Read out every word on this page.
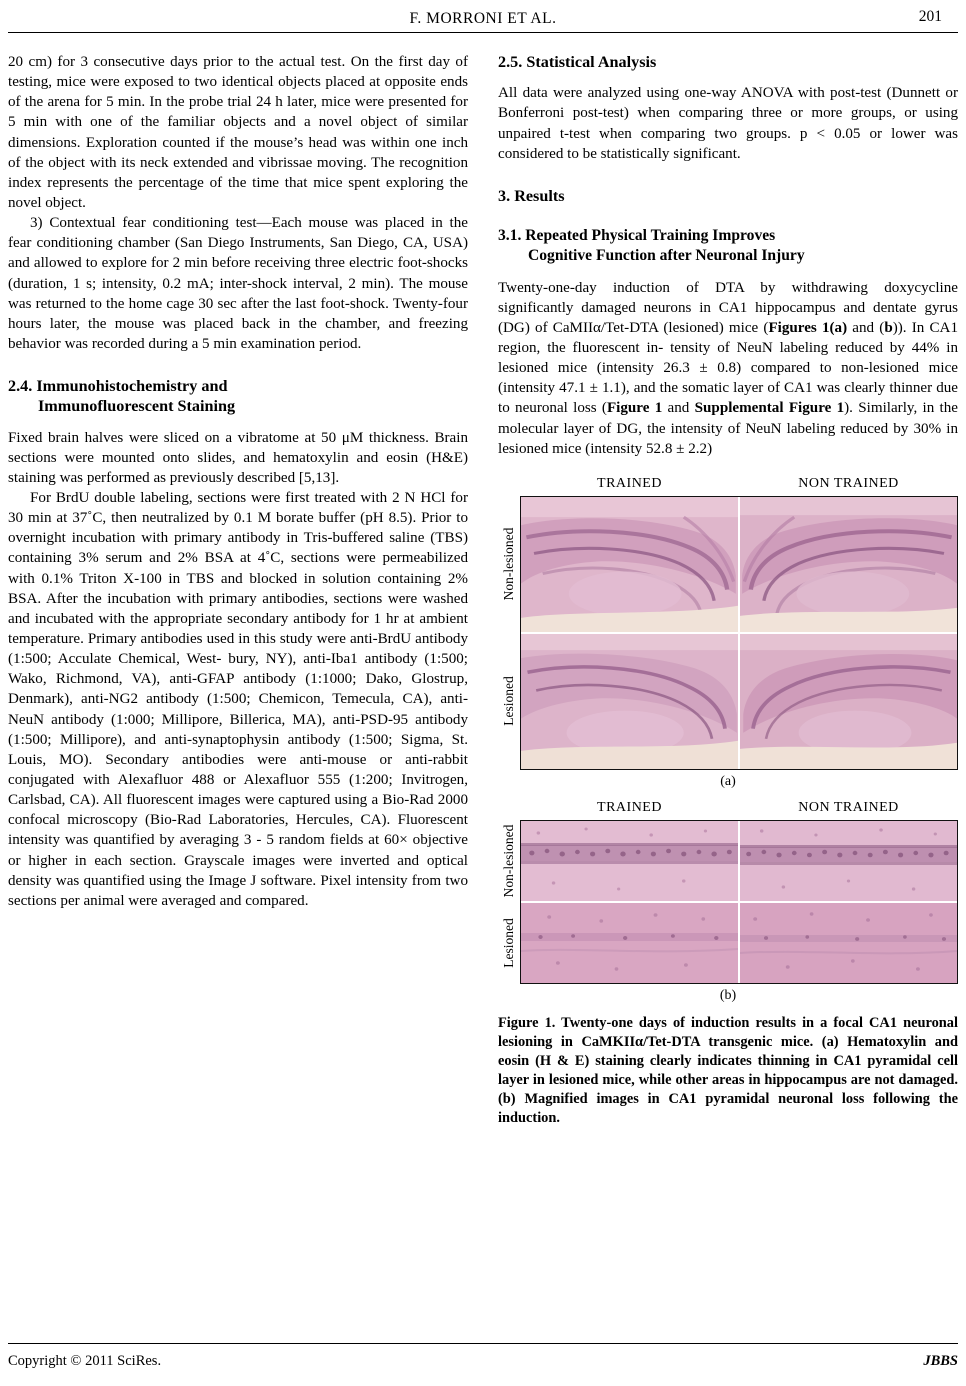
F. MORRONI ET AL.	201

20 cm) for 3 consecutive days prior to the actual test. On the first day of testing, mice were exposed to two identical objects placed at opposite ends of the arena for 5 min. In the probe trial 24 h later, mice were presented for 5 min with one of the familiar objects and a novel object of similar dimensions. Exploration counted if the mouse’s head was within one inch of the object with its neck extended and vibrissae moving. The recognition index represents the percentage of the time that mice spent exploring the novel object.

3) Contextual fear conditioning test—Each mouse was placed in the fear conditioning chamber (San Diego Instruments, San Diego, CA, USA) and allowed to explore for 2 min before receiving three electric foot-shocks (duration, 1 s; intensity, 0.2 mA; inter-shock interval, 2 min). The mouse was returned to the home cage 30 sec after the last foot-shock. Twenty-four hours later, the mouse was placed back in the chamber, and freezing behavior was recorded during a 5 min examination period.

2.4. Immunohistochemistry and
Immunofluorescent Staining

Fixed brain halves were sliced on a vibratome at 50 μM thickness. Brain sections were mounted onto slides, and hematoxylin and eosin (H&E) staining was performed as previously described [5,13].

For BrdU double labeling, sections were first treated with 2 N HCl for 30 min at 37˚C, then neutralized by 0.1 M borate buffer (pH 8.5). Prior to overnight incubation with primary antibody in Tris-buffered saline (TBS) containing 3% serum and 2% BSA at 4˚C, sections were permeabilized with 0.1% Triton X-100 in TBS and blocked in solution containing 2% BSA. After the incubation with primary antibodies, sections were washed and incubated with the appropriate secondary antibody for 1 hr at ambient temperature. Primary antibodies used in this study were anti-BrdU antibody (1:500; Acculate Chemical, West- bury, NY), anti-Iba1 antibody (1:500; Wako, Richmond, VA), anti-GFAP antibody (1:1000; Dako, Glostrup, Denmark), anti-NG2 antibody (1:500; Chemicon, Temecula, CA), anti-NeuN antibody (1:000; Millipore, Billerica, MA), anti-PSD-95 antibody (1:500; Millipore), and anti-synaptophysin antibody (1:500; Sigma, St. Louis, MO). Secondary antibodies were anti-mouse or anti-rabbit conjugated with Alexafluor 488 or Alexafluor 555 (1:200; Invitrogen, Carlsbad, CA). All fluorescent images were captured using a Bio-Rad 2000 confocal microscopy (Bio-Rad Laboratories, Hercules, CA). Fluorescent intensity was quantified by averaging 3 - 5 random fields at 60× objective or higher in each section. Grayscale images were inverted and optical density was quantified using the Image J software. Pixel intensity from two sections per animal were averaged and compared.

2.5. Statistical Analysis

All data were analyzed using one-way ANOVA with post-test (Dunnett or Bonferroni post-test) when comparing three or more groups, or using unpaired t-test when comparing two groups. p < 0.05 or lower was considered to be statistically significant.

3. Results
3.1. Repeated Physical Training Improves
Cognitive Function after Neuronal Injury

Twenty-one-day induction of DTA by withdrawing doxycycline significantly damaged neurons in CA1 hippocampus and dentate gyrus (DG) of CaMIIα/Tet-DTA (lesioned) mice (Figures 1(a) and (b)). In CA1 region, the fluorescent in- tensity of NeuN labeling reduced by 44% in lesioned mice (intensity 26.3 ± 0.8) compared to non-lesioned mice (intensity 47.1 ± 1.1), and the somatic layer of CA1 was clearly thinner due to neuronal loss (Figure 1 and Supplemental Figure 1). Similarly, in the molecular layer of DG, the intensity of NeuN labeling reduced by 30% in lesioned mice (intensity 52.8 ± 2.2)

TRAINED	NON TRAINED
Non-lesioned
Lesioned
(a)
TRAINED	NON TRAINED
Non-lesioned
Lesioned
(b)
Figure 1. Twenty-one days of induction results in a focal CA1 neuronal lesioning in CaMKIIα/Tet-DTA transgenic mice. (a) Hematoxylin and eosin (H & E) staining clearly indicates thinning in CA1 pyramidal cell layer in lesioned mice, while other areas in hippocampus are not damaged. (b) Magnified images in CA1 pyramidal neuronal loss following the induction.
Copyright © 2011 SciRes.	JBBS
